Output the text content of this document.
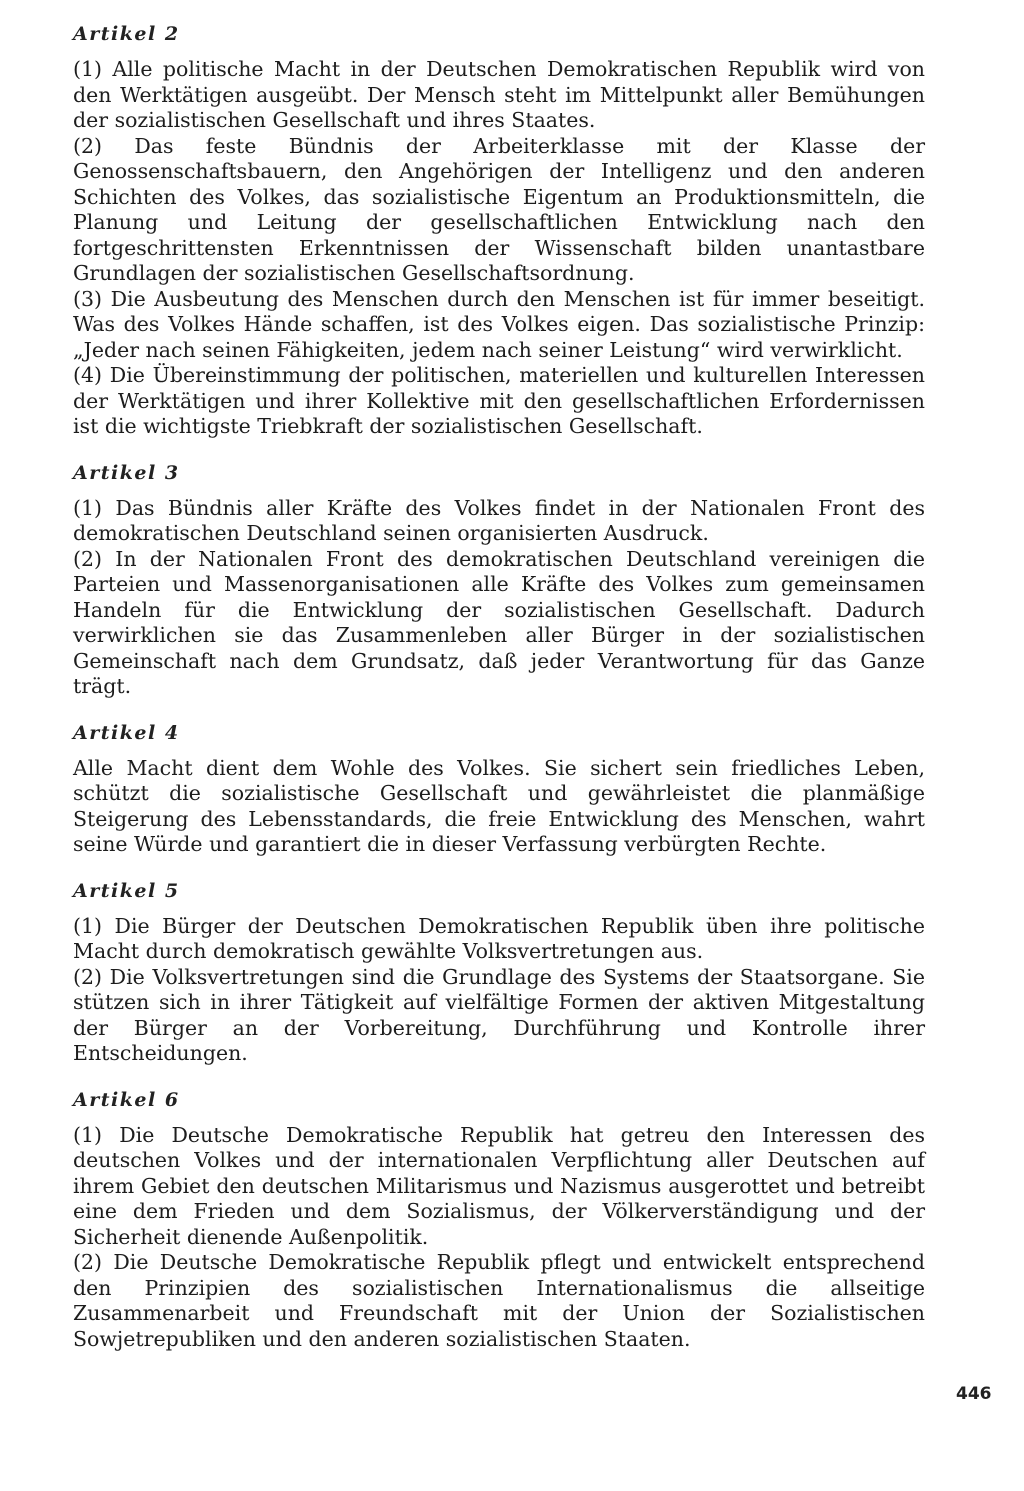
Artikel 2

(1) Alle politische Macht in der Deutschen Demokratischen Republik wird von den Werktätigen ausgeübt. Der Mensch steht im Mittelpunkt aller Bemühungen der sozialistischen Gesellschaft und ihres Staates.

(2) Das feste Bündnis der Arbeiterklasse mit der Klasse der Genossenschaftsbauern, den Angehörigen der Intelligenz und den anderen Schichten des Volkes, das sozialistische Eigentum an Produktionsmitteln, die Planung und Leitung der gesellschaftlichen Entwicklung nach den fortgeschrittensten Erkenntnissen der Wissenschaft bilden unantastbare Grundlagen der sozialistischen Gesellschaftsordnung.

(3) Die Ausbeutung des Menschen durch den Menschen ist für immer beseitigt. Was des Volkes Hände schaffen, ist des Volkes eigen. Das sozialistische Prinzip: „Jeder nach seinen Fähigkeiten, jedem nach seiner Leistung“ wird verwirklicht.

(4) Die Übereinstimmung der politischen, materiellen und kulturellen Interessen der Werktätigen und ihrer Kollektive mit den gesellschaftlichen Erfordernissen ist die wichtigste Triebkraft der sozialistischen Gesellschaft.

Artikel 3

(1) Das Bündnis aller Kräfte des Volkes findet in der Nationalen Front des demokratischen Deutschland seinen organisierten Ausdruck.

(2) In der Nationalen Front des demokratischen Deutschland vereinigen die Parteien und Massenorganisationen alle Kräfte des Volkes zum gemeinsamen Handeln für die Entwicklung der sozialistischen Gesellschaft. Dadurch verwirklichen sie das Zusammenleben aller Bürger in der sozialistischen Gemeinschaft nach dem Grundsatz, daß jeder Verantwortung für das Ganze trägt.

Artikel 4

Alle Macht dient dem Wohle des Volkes. Sie sichert sein friedliches Leben, schützt die sozialistische Gesellschaft und gewährleistet die planmäßige Steigerung des Lebensstandards, die freie Entwicklung des Menschen, wahrt seine Würde und garantiert die in dieser Verfassung verbürgten Rechte.

Artikel 5

(1) Die Bürger der Deutschen Demokratischen Republik üben ihre politische Macht durch demokratisch gewählte Volksvertretungen aus.

(2) Die Volksvertretungen sind die Grundlage des Systems der Staatsorgane. Sie stützen sich in ihrer Tätigkeit auf vielfältige Formen der aktiven Mitgestaltung der Bürger an der Vorbereitung, Durchführung und Kontrolle ihrer Entscheidungen.

Artikel 6

(1) Die Deutsche Demokratische Republik hat getreu den Interessen des deutschen Volkes und der internationalen Verpflichtung aller Deutschen auf ihrem Gebiet den deutschen Militarismus und Nazismus ausgerottet und betreibt eine dem Frieden und dem Sozialismus, der Völkerverständigung und der Sicherheit dienende Außenpolitik.

(2) Die Deutsche Demokratische Republik pflegt und entwickelt entsprechend den Prinzipien des sozialistischen Internationalismus die allseitige Zusammenarbeit und Freundschaft mit der Union der Sozialistischen Sowjetrepubliken und den anderen sozialistischen Staaten.

446
